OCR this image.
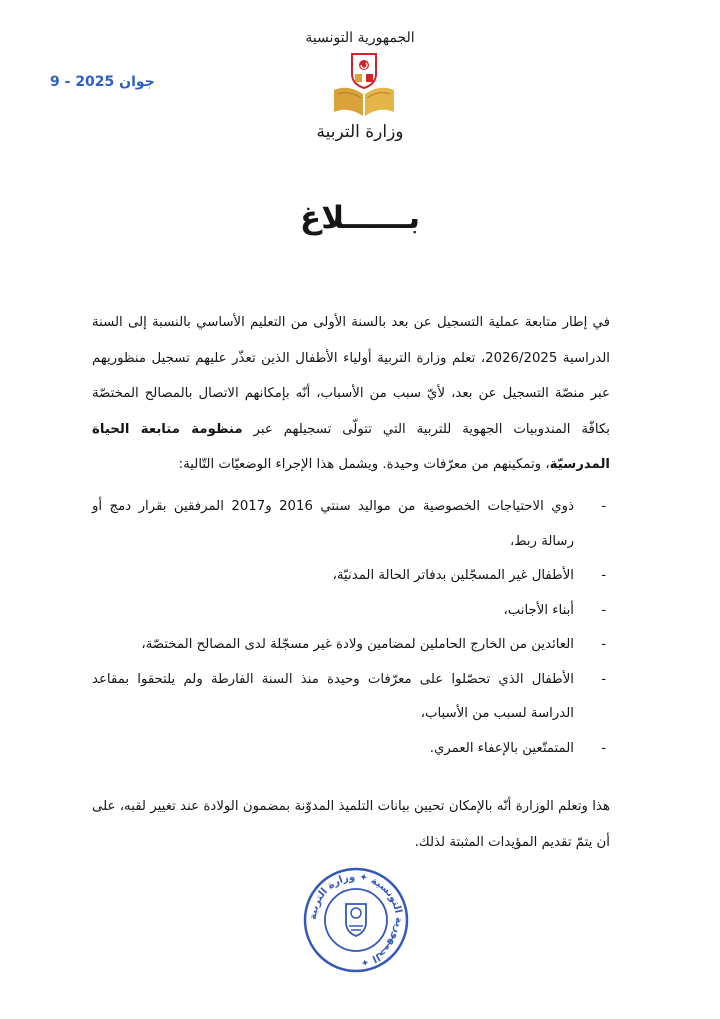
الجمهورية التونسية
وزارة التربية
9 - جوان 2025
بــــــلاغ

في إطار متابعة عملية التسجيل عن بعد بالسنة الأولى من التعليم الأساسي بالنسبة إلى السنة الدراسية 2026/2025، تعلم وزارة التربية أولياء الأطفال الذين تعذّر عليهم تسجيل منظوريهم عبر منصّة التسجيل عن بعد، لأيّ سبب من الأسباب، أنّه بإمكانهم الاتصال بالمصالح المختصّة بكافّة المندوبيات الجهوية للتربية التي تتولّى تسجيلهم عبر منظومة متابعة الحياة المدرسيّة، وتمكينهم من معرّفات وحيدة. ويشمل هذا الإجراء الوضعيّات التّالية:

- ذوي الاحتياجات الخصوصية من مواليد سنتي 2016 و2017 المرفقين بقرار دمج أو رسالة ربط،
- الأطفال غير المسجّلين بدفاتر الحالة المدنيّة،
- أبناء الأجانب،
- العائدين من الخارج الحاملين لمضامين ولادة غير مسجّلة لدى المصالح المختصّة،
- الأطفال الذي تحصّلوا على معرّفات وحيدة منذ السنة الفارطة ولم يلتحقوا بمقاعد الدراسة لسبب من الأسباب،
- المتمتّعين بالإعفاء العمري.

هذا وتعلم الوزارة أنّه بالإمكان تحيين بيانات التلميذ المدوّنة بمضمون الولادة عند تغيير لقبه، على أن يتمّ تقديم المؤيدات المثبتة لذلك.

الجمهورية التونسية ✦ وزارة التربية ✦
